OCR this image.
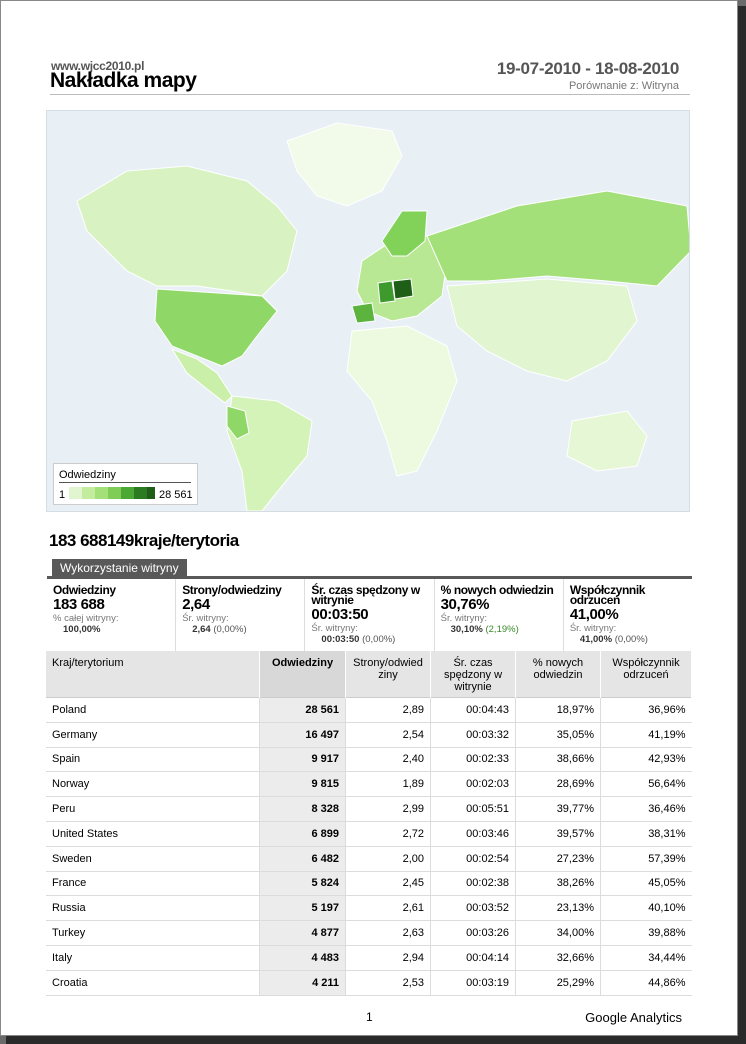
www.wjcc2010.pl
Nakładka mapy
19-07-2010 - 18-08-2010
Porównanie z: Witryna
Odwiedziny
1	28 561
183 688149kraje/terytoria
Wykorzystanie witryny
Odwiedziny
183 688
% całej witryny:
100,00%
Strony/odwiedziny
2,64
Śr. witryny:
2,64 (0,00%)
Śr. czas spędzony w witrynie
00:03:50
Śr. witryny:
00:03:50 (0,00%)
% nowych odwiedzin
30,76%
Śr. witryny:
30,10% (2,19%)
Współczynnik odrzuceń
41,00%
Śr. witryny:
41,00% (0,00%)
Kraj/terytorium	Odwiedziny	Strony/odwied ziny	Śr. czas spędzony w witrynie	% nowych odwiedzin	Współczynnik odrzuceń
Poland	28 561	2,89	00:04:43	18,97%	36,96%
Germany	16 497	2,54	00:03:32	35,05%	41,19%
Spain	9 917	2,40	00:02:33	38,66%	42,93%
Norway	9 815	1,89	00:02:03	28,69%	56,64%
Peru	8 328	2,99	00:05:51	39,77%	36,46%
United States	6 899	2,72	00:03:46	39,57%	38,31%
Sweden	6 482	2,00	00:02:54	27,23%	57,39%
France	5 824	2,45	00:02:38	38,26%	45,05%
Russia	5 197	2,61	00:03:52	23,13%	40,10%
Turkey	4 877	2,63	00:03:26	34,00%	39,88%
Italy	4 483	2,94	00:04:14	32,66%	34,44%
Croatia	4 211	2,53	00:03:19	25,29%	44,86%
1	Google Analytics
